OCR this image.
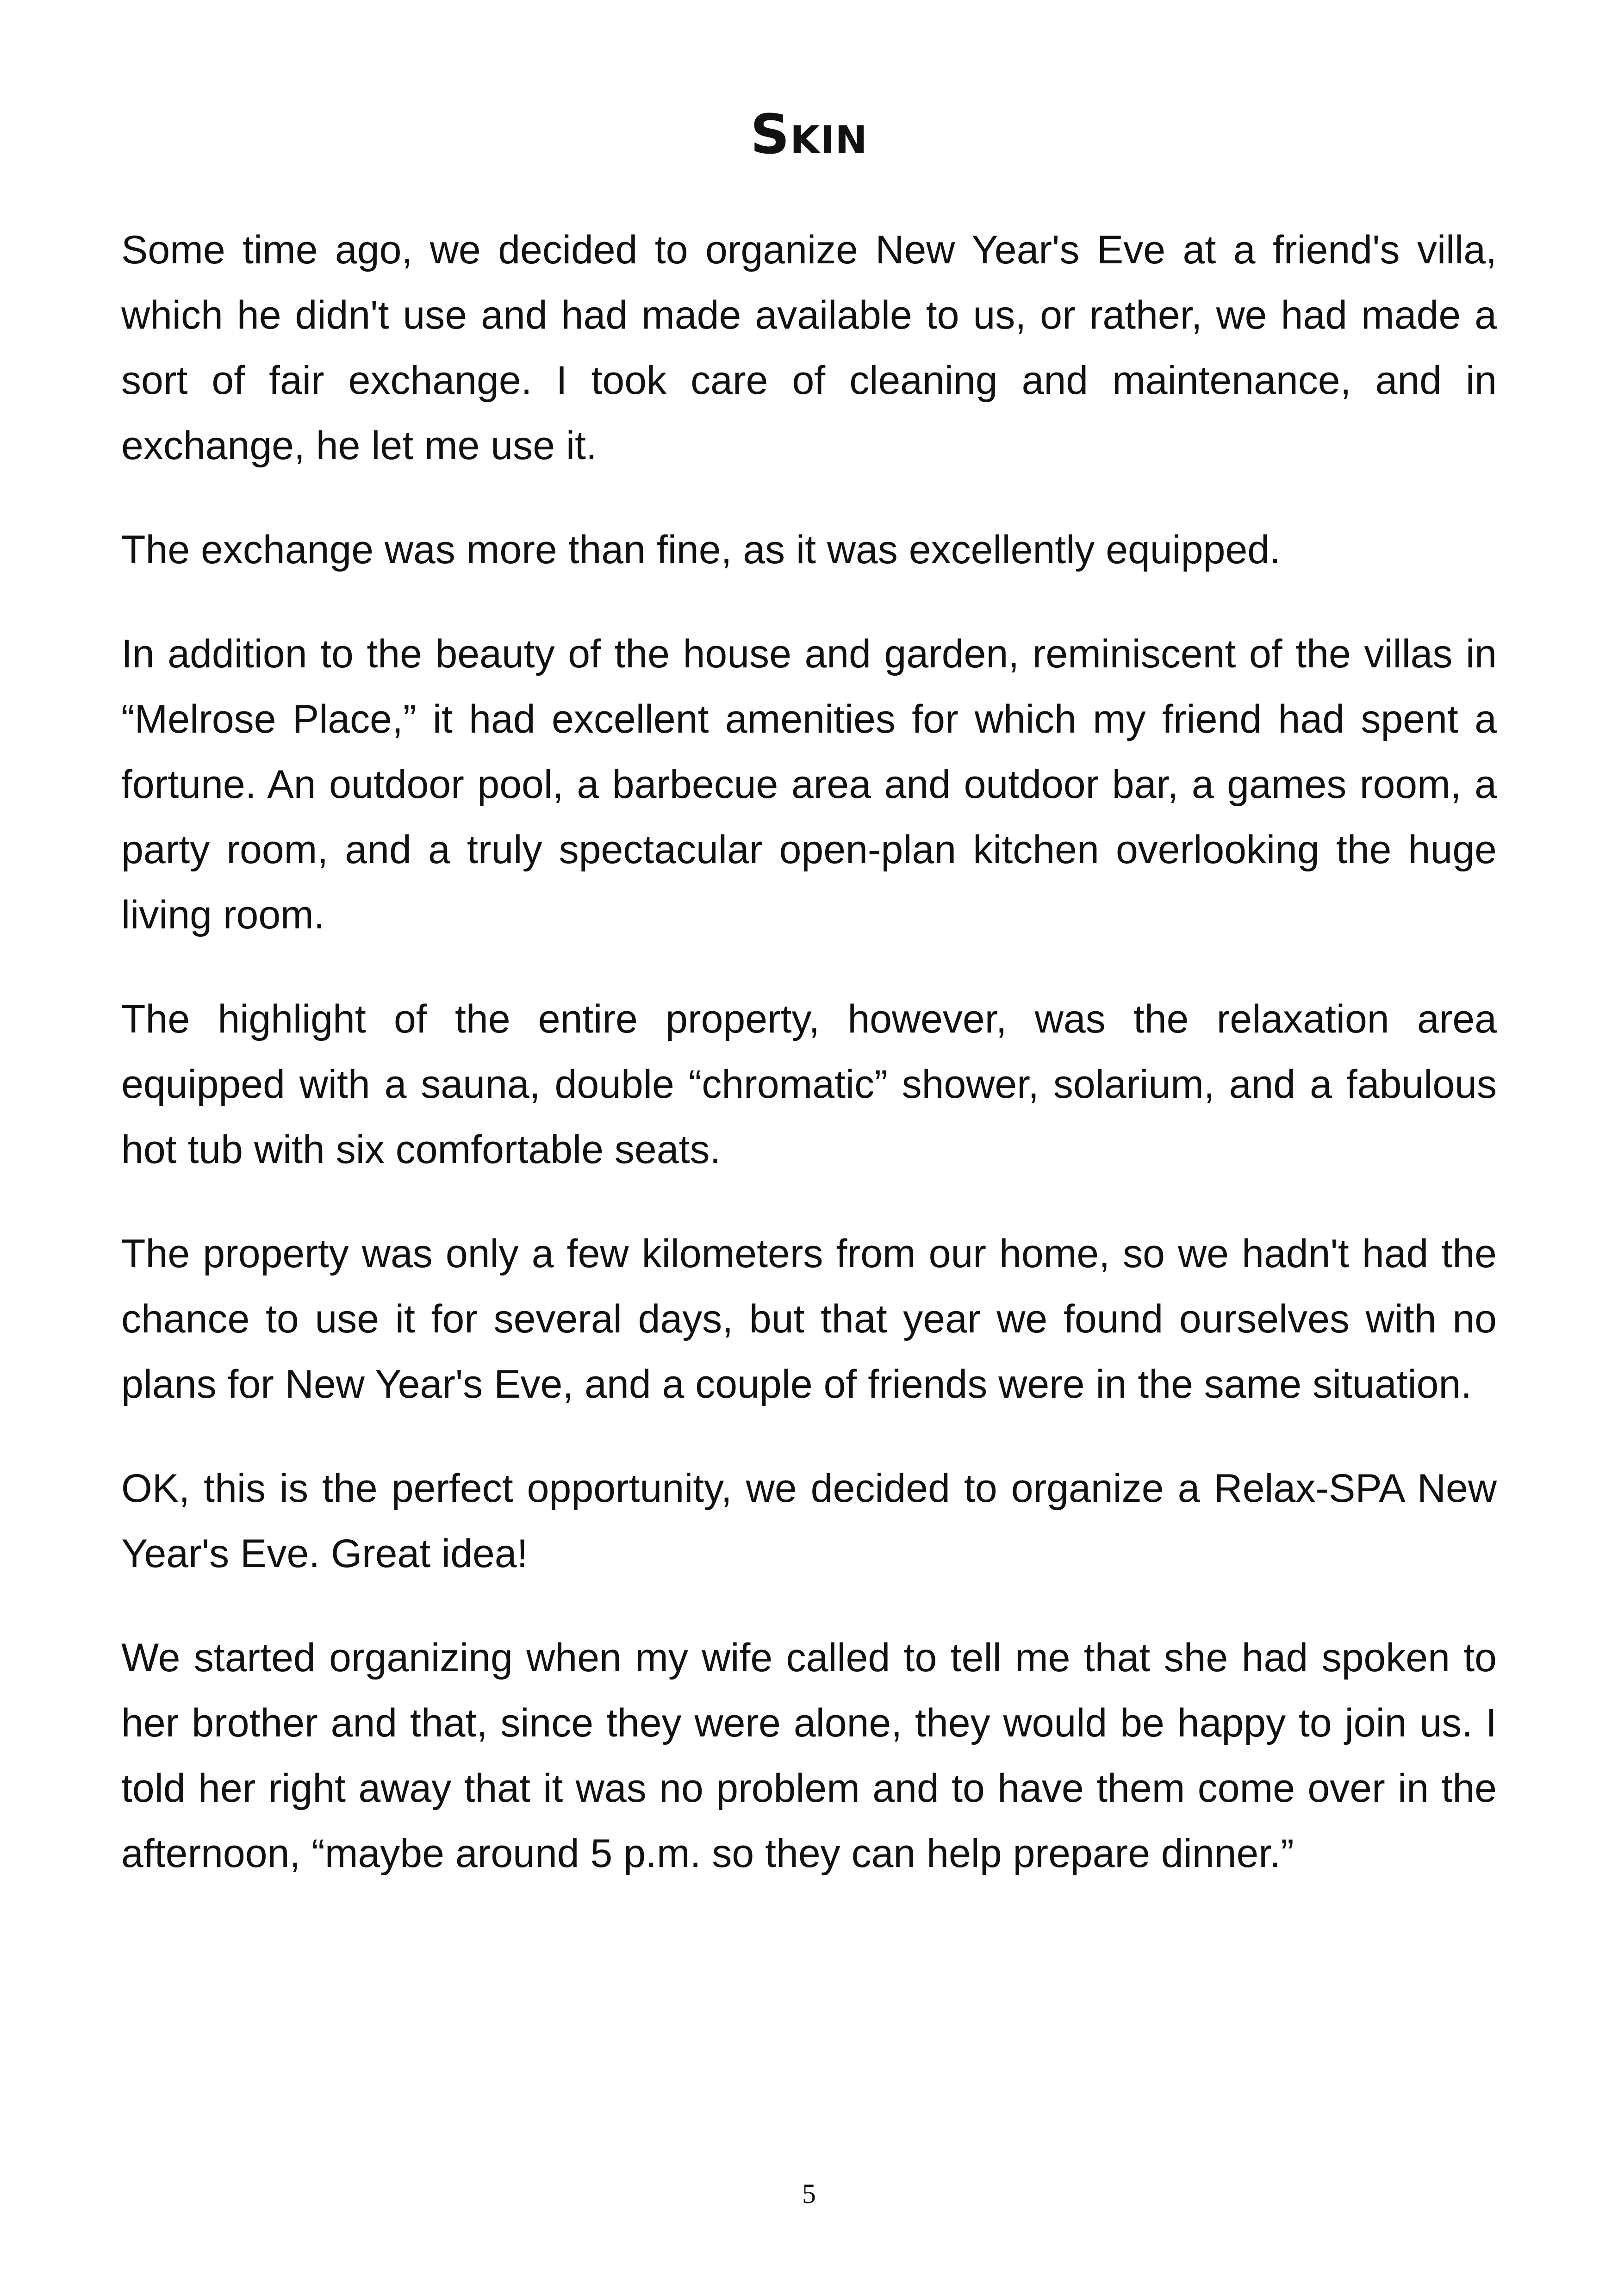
Skin

Some time ago, we decided to organize New Year's Eve at a friend's villa, which he didn't use and had made available to us, or rather, we had made a sort of fair exchange. I took care of cleaning and maintenance, and in exchange, he let me use it.

The exchange was more than fine, as it was excellently equipped.

In addition to the beauty of the house and garden, reminiscent of the villas in “Melrose Place,” it had excellent amenities for which my friend had spent a fortune. An outdoor pool, a barbecue area and outdoor bar, a games room, a party room, and a truly spectacular open-plan kitchen overlooking the huge living room.

The highlight of the entire property, however, was the relaxation area equipped with a sauna, double “chromatic” shower, solarium, and a fabulous hot tub with six comfortable seats.

The property was only a few kilometers from our home, so we hadn't had the chance to use it for several days, but that year we found ourselves with no plans for New Year's Eve, and a couple of friends were in the same situation.

OK, this is the perfect opportunity, we decided to organize a Relax-SPA New Year's Eve. Great idea!

We started organizing when my wife called to tell me that she had spoken to her brother and that, since they were alone, they would be happy to join us. I told her right away that it was no problem and to have them come over in the afternoon, “maybe around 5 p.m. so they can help prepare dinner.”

5
